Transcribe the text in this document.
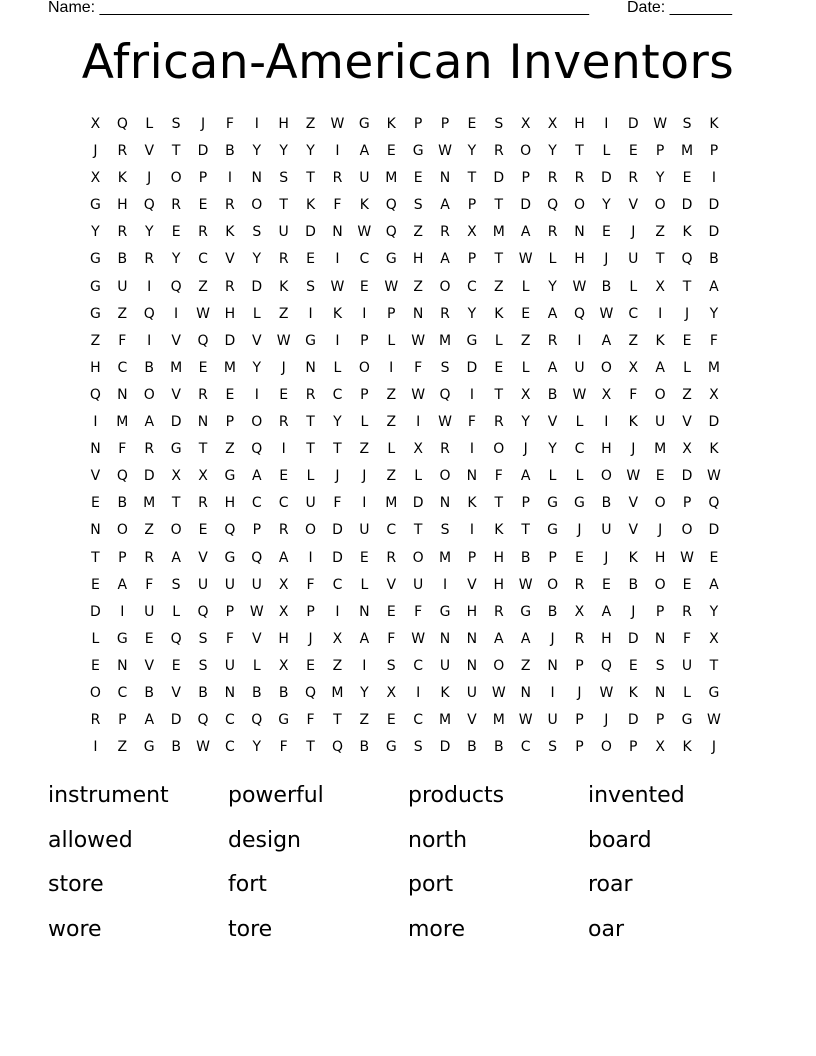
Name: _______________________________________________________ Date: _______
African-American Inventors
X	Q	L	S	J	F	I	H	Z	W	G	K	P	P	E	S	X	X	H	I	D	W	S	K
J	R	V	T	D	B	Y	Y	Y	I	A	E	G	W	Y	R	O	Y	T	L	E	P	M	P
X	K	J	O	P	I	N	S	T	R	U	M	E	N	T	D	P	R	R	D	R	Y	E	I
G	H	Q	R	E	R	O	T	K	F	K	Q	S	A	P	T	D	Q	O	Y	V	O	D	D
Y	R	Y	E	R	K	S	U	D	N	W	Q	Z	R	X	M	A	R	N	E	J	Z	K	D
G	B	R	Y	C	V	Y	R	E	I	C	G	H	A	P	T	W	L	H	J	U	T	Q	B
G	U	I	Q	Z	R	D	K	S	W	E	W	Z	O	C	Z	L	Y	W	B	L	X	T	A
G	Z	Q	I	W	H	L	Z	I	K	I	P	N	R	Y	K	E	A	Q	W	C	I	J	Y
Z	F	I	V	Q	D	V	W	G	I	P	L	W M	G	L	Z	R	I	A	Z	K	E	F
H	C	B	M	E	M	Y	J	N	L	O	I	F	S	D	E	L	A	U	O	X	A	L	M
Q	N	O	V	R	E	I	E	R	C	P	Z	W	Q	I	T	X	B	W	X	F	O	Z	X
I	M	A	D	N	P	O	R	T	Y	L	Z	I	W	F	R	Y	V	L	I	K	U	V	D
N	F	R	G	T	Z	Q	I	T	T	Z	L	X	R	I	O	J	Y	C	H	J	M	X	K
V	Q	D	X	X	G	A	E	L	J	J	Z	L	O	N	F	A	L	L	O	W	E	D	W
E	B	M	T	R	H	C	C	U	F	I	M	D	N	K	T	P	G	G	B	V	O	P	Q
N	O	Z	O	E	Q	P	R	O	D	U	C	T	S	I	K	T	G	J	U	V	J	O	D
T	P	R	A	V	G	Q	A	I	D	E	R	O	M	P	H	B	P	E	J	K	H	W	E
E	A	F	S	U	U	U	X	F	C	L	V	U	I	V	H	W	O	R	E	B	O	E	A
D	I	U	L	Q	P	W	X	P	I	N	E	F	G	H	R	G	B	X	A	J	P	R	Y
L	G	E	Q	S	F	V	H	J	X	A	F	W	N	N	A	A	J	R	H	D	N	F	X
E	N	V	E	S	U	L	X	E	Z	I	S	C	U	N	O	Z	N	P	Q	E	S	U	T
O	C	B	V	B	N	B	B	Q	M	Y	X	I	K	U	W	N	I	J	W	K	N	L	G
R	P	A	D	Q	C	Q	G	F	T	Z	E	C	M	V	M W	U	P	J	D	P	G	W
I	Z	G	B	W	C	Y	F	T	Q	B	G	S	D	B	B	C	S	P	O	P	X	K	J
instrument	powerful	products	invented
allowed	design	north	board
store	fort	port	roar
wore	tore	more	oar
